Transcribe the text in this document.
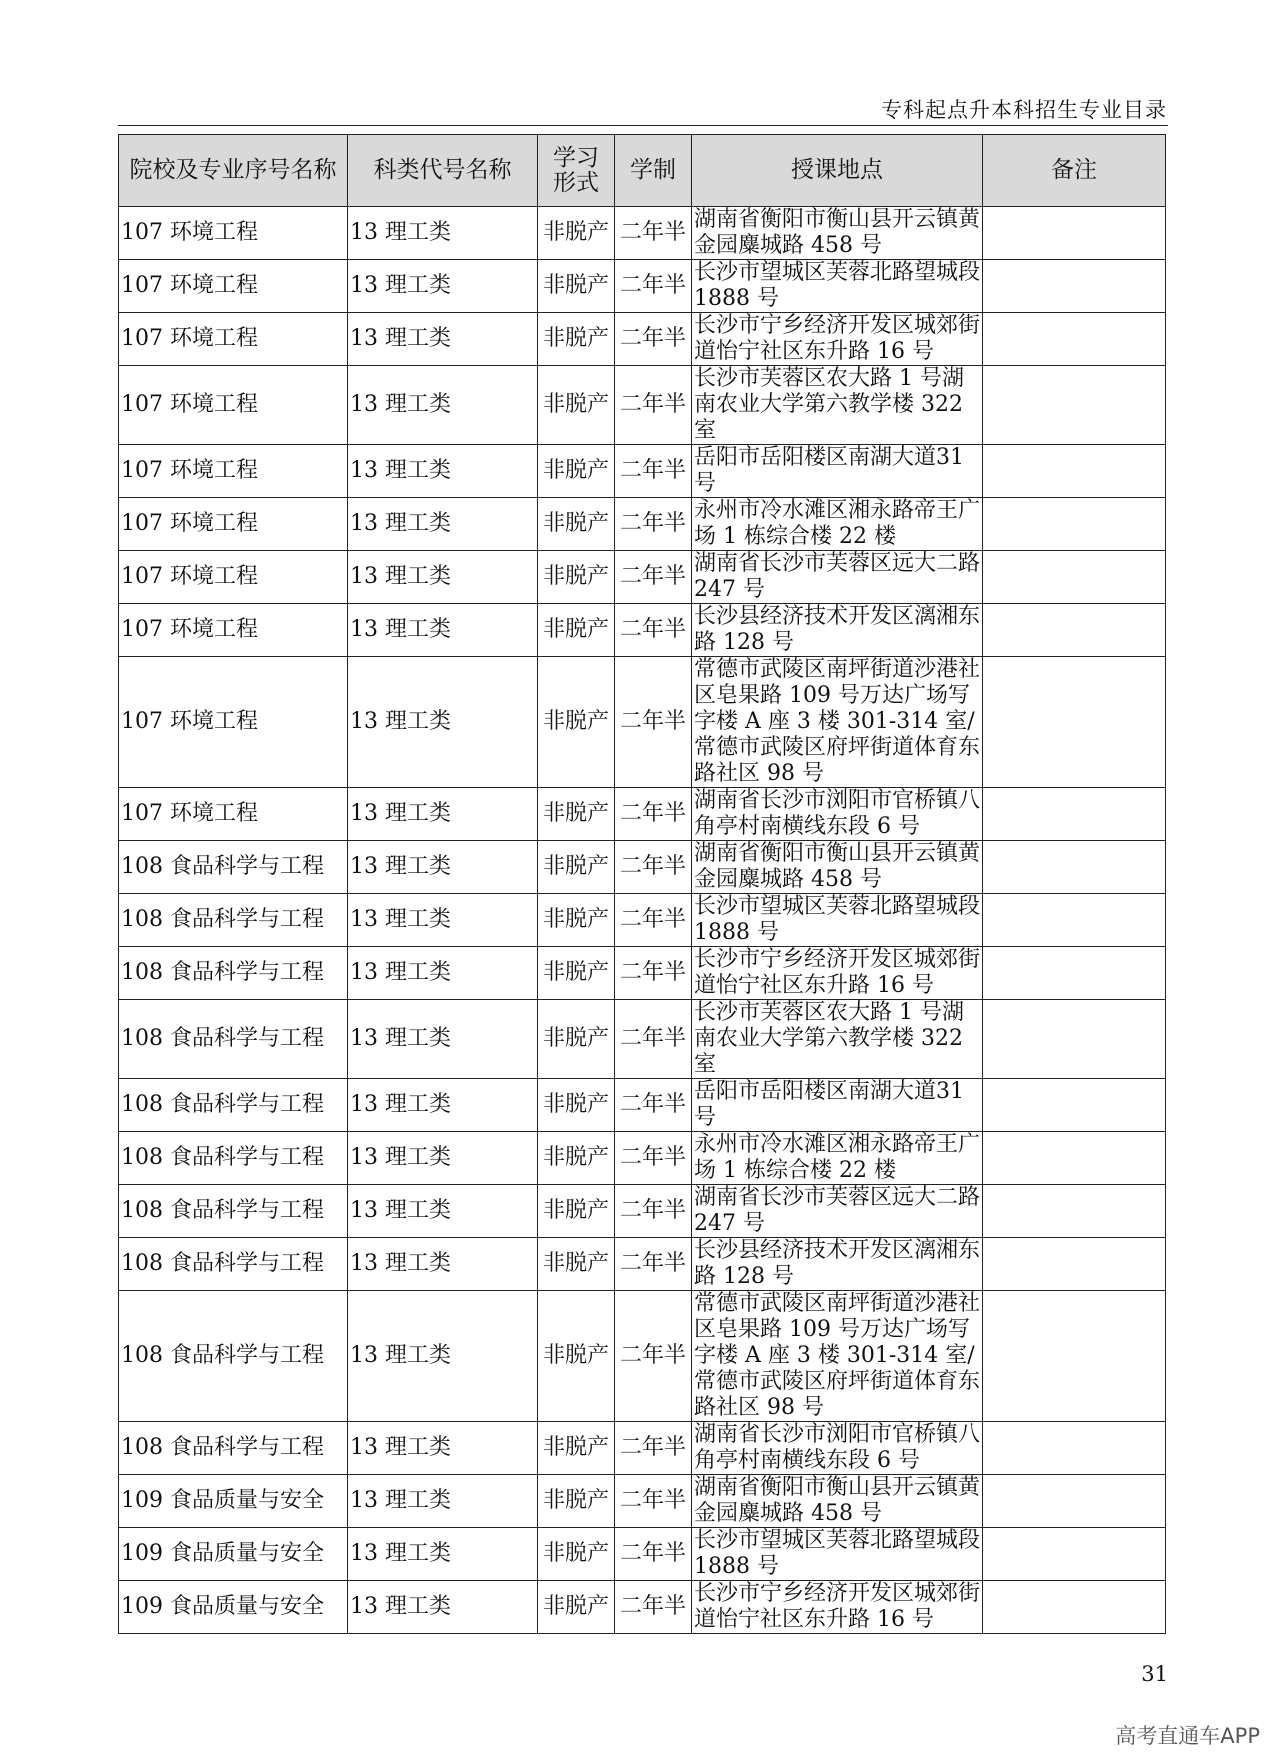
专科起点升本科招生专业目录
院校及专业序号名称	科类代号名称	学习形式	学制	授课地点	备注
107 环境工程	13 理工类	非脱产	二年半	湖南省衡阳市衡山县开云镇黄金园麋城路 458 号	
107 环境工程	13 理工类	非脱产	二年半	长沙市望城区芙蓉北路望城段 1888 号	
107 环境工程	13 理工类	非脱产	二年半	长沙市宁乡经济开发区城郊街道怡宁社区东升路 16 号	
107 环境工程	13 理工类	非脱产	二年半	长沙市芙蓉区农大路 1 号湖南农业大学第六教学楼 322 室	
107 环境工程	13 理工类	非脱产	二年半	岳阳市岳阳楼区南湖大道31号	
107 环境工程	13 理工类	非脱产	二年半	永州市冷水滩区湘永路帝王广场 1 栋综合楼 22 楼	
107 环境工程	13 理工类	非脱产	二年半	湖南省长沙市芙蓉区远大二路 247 号	
107 环境工程	13 理工类	非脱产	二年半	长沙县经济技术开发区漓湘东路 128 号	
107 环境工程	13 理工类	非脱产	二年半	常德市武陵区南坪街道沙港社区皂果路 109 号万达广场写字楼 A 座 3 楼 301-314 室/常德市武陵区府坪街道体育东路社区 98 号	
107 环境工程	13 理工类	非脱产	二年半	湖南省长沙市浏阳市官桥镇八角亭村南横线东段 6 号	
108 食品科学与工程	13 理工类	非脱产	二年半	湖南省衡阳市衡山县开云镇黄金园麋城路 458 号	
108 食品科学与工程	13 理工类	非脱产	二年半	长沙市望城区芙蓉北路望城段 1888 号	
108 食品科学与工程	13 理工类	非脱产	二年半	长沙市宁乡经济开发区城郊街道怡宁社区东升路 16 号	
108 食品科学与工程	13 理工类	非脱产	二年半	长沙市芙蓉区农大路 1 号湖南农业大学第六教学楼 322 室	
108 食品科学与工程	13 理工类	非脱产	二年半	岳阳市岳阳楼区南湖大道31号	
108 食品科学与工程	13 理工类	非脱产	二年半	永州市冷水滩区湘永路帝王广场 1 栋综合楼 22 楼	
108 食品科学与工程	13 理工类	非脱产	二年半	湖南省长沙市芙蓉区远大二路 247 号	
108 食品科学与工程	13 理工类	非脱产	二年半	长沙县经济技术开发区漓湘东路 128 号	
108 食品科学与工程	13 理工类	非脱产	二年半	常德市武陵区南坪街道沙港社区皂果路 109 号万达广场写字楼 A 座 3 楼 301-314 室/常德市武陵区府坪街道体育东路社区 98 号	
108 食品科学与工程	13 理工类	非脱产	二年半	湖南省长沙市浏阳市官桥镇八角亭村南横线东段 6 号	
109 食品质量与安全	13 理工类	非脱产	二年半	湖南省衡阳市衡山县开云镇黄金园麋城路 458 号	
109 食品质量与安全	13 理工类	非脱产	二年半	长沙市望城区芙蓉北路望城段 1888 号	
109 食品质量与安全	13 理工类	非脱产	二年半	长沙市宁乡经济开发区城郊街道怡宁社区东升路 16 号	
31
高考直通车APP
